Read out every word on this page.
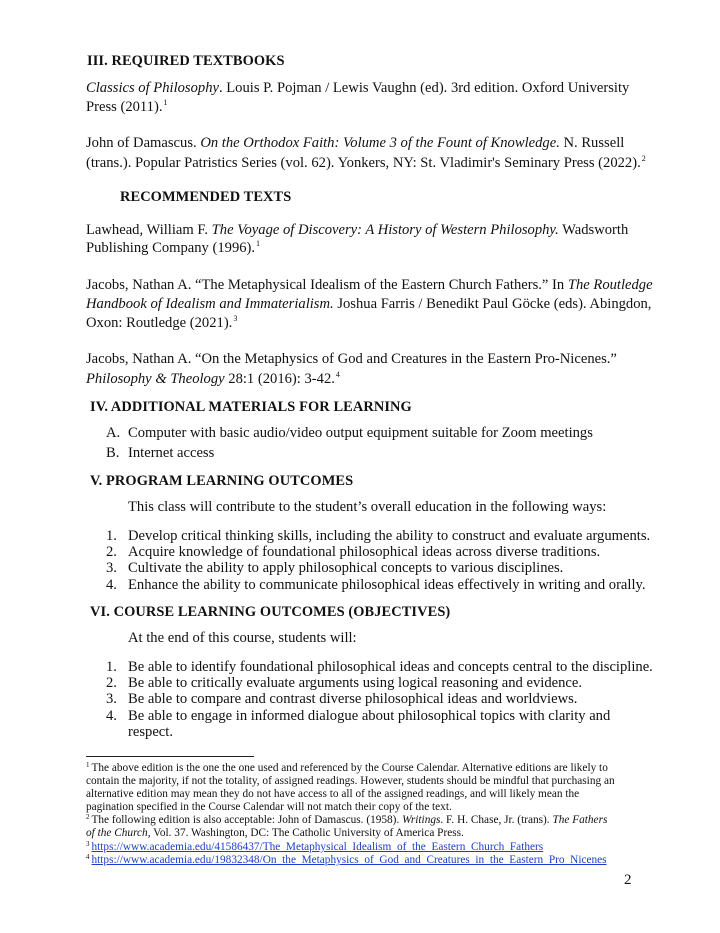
III. REQUIRED TEXTBOOKS
Classics of Philosophy. Louis P. Pojman / Lewis Vaughn (ed). 3rd edition. Oxford University
Press (2011).$^1$
John of Damascus. On the Orthodox Faith: Volume 3 of the Fount of Knowledge. N. Russell
(trans.). Popular Patristics Series (vol. 62). Yonkers, NY: St. Vladimir's Seminary Press (2022).$^2$
RECOMMENDED TEXTS
Lawhead, William F. The Voyage of Discovery: A History of Western Philosophy. Wadsworth
Publishing Company (1996).$^1$
Jacobs, Nathan A. “The Metaphysical Idealism of the Eastern Church Fathers.” In The Routledge
Handbook of Idealism and Immaterialism. Joshua Farris / Benedikt Paul Göcke (eds). Abingdon,
Oxon: Routledge (2021).$^3$
Jacobs, Nathan A. “On the Metaphysics of God and Creatures in the Eastern Pro-Nicenes.”
Philosophy & Theology 28:1 (2016): 3-42.$^4$
IV. ADDITIONAL MATERIALS FOR LEARNING
A. Computer with basic audio/video output equipment suitable for Zoom meetings
B. Internet access
V. PROGRAM LEARNING OUTCOMES
This class will contribute to the student’s overall education in the following ways:
1. Develop critical thinking skills, including the ability to construct and evaluate arguments.
2. Acquire knowledge of foundational philosophical ideas across diverse traditions.
3. Cultivate the ability to apply philosophical concepts to various disciplines.
4. Enhance the ability to communicate philosophical ideas effectively in writing and orally.
VI. COURSE LEARNING OUTCOMES (OBJECTIVES)
At the end of this course, students will:
1. Be able to identify foundational philosophical ideas and concepts central to the discipline.
2. Be able to critically evaluate arguments using logical reasoning and evidence.
3. Be able to compare and contrast diverse philosophical ideas and worldviews.
4. Be able to engage in informed dialogue about philosophical topics with clarity and
respect.
$^1$ The above edition is the one the one used and referenced by the Course Calendar. Alternative editions are likely to
contain the majority, if not the totality, of assigned readings. However, students should be mindful that purchasing an
alternative edition may mean they do not have access to all of the assigned readings, and will likely mean the
pagination specified in the Course Calendar will not match their copy of the text.
$^2$ The following edition is also acceptable: John of Damascus. (1958). Writings. F. H. Chase, Jr. (trans). The Fathers
of the Church, Vol. 37. Washington, DC: The Catholic University of America Press.
$^3$ https://www.academia.edu/41586437/The_Metaphysical_Idealism_of_the_Eastern_Church_Fathers
$^4$ https://www.academia.edu/19832348/On_the_Metaphysics_of_God_and_Creatures_in_the_Eastern_Pro_Nicenes
2
